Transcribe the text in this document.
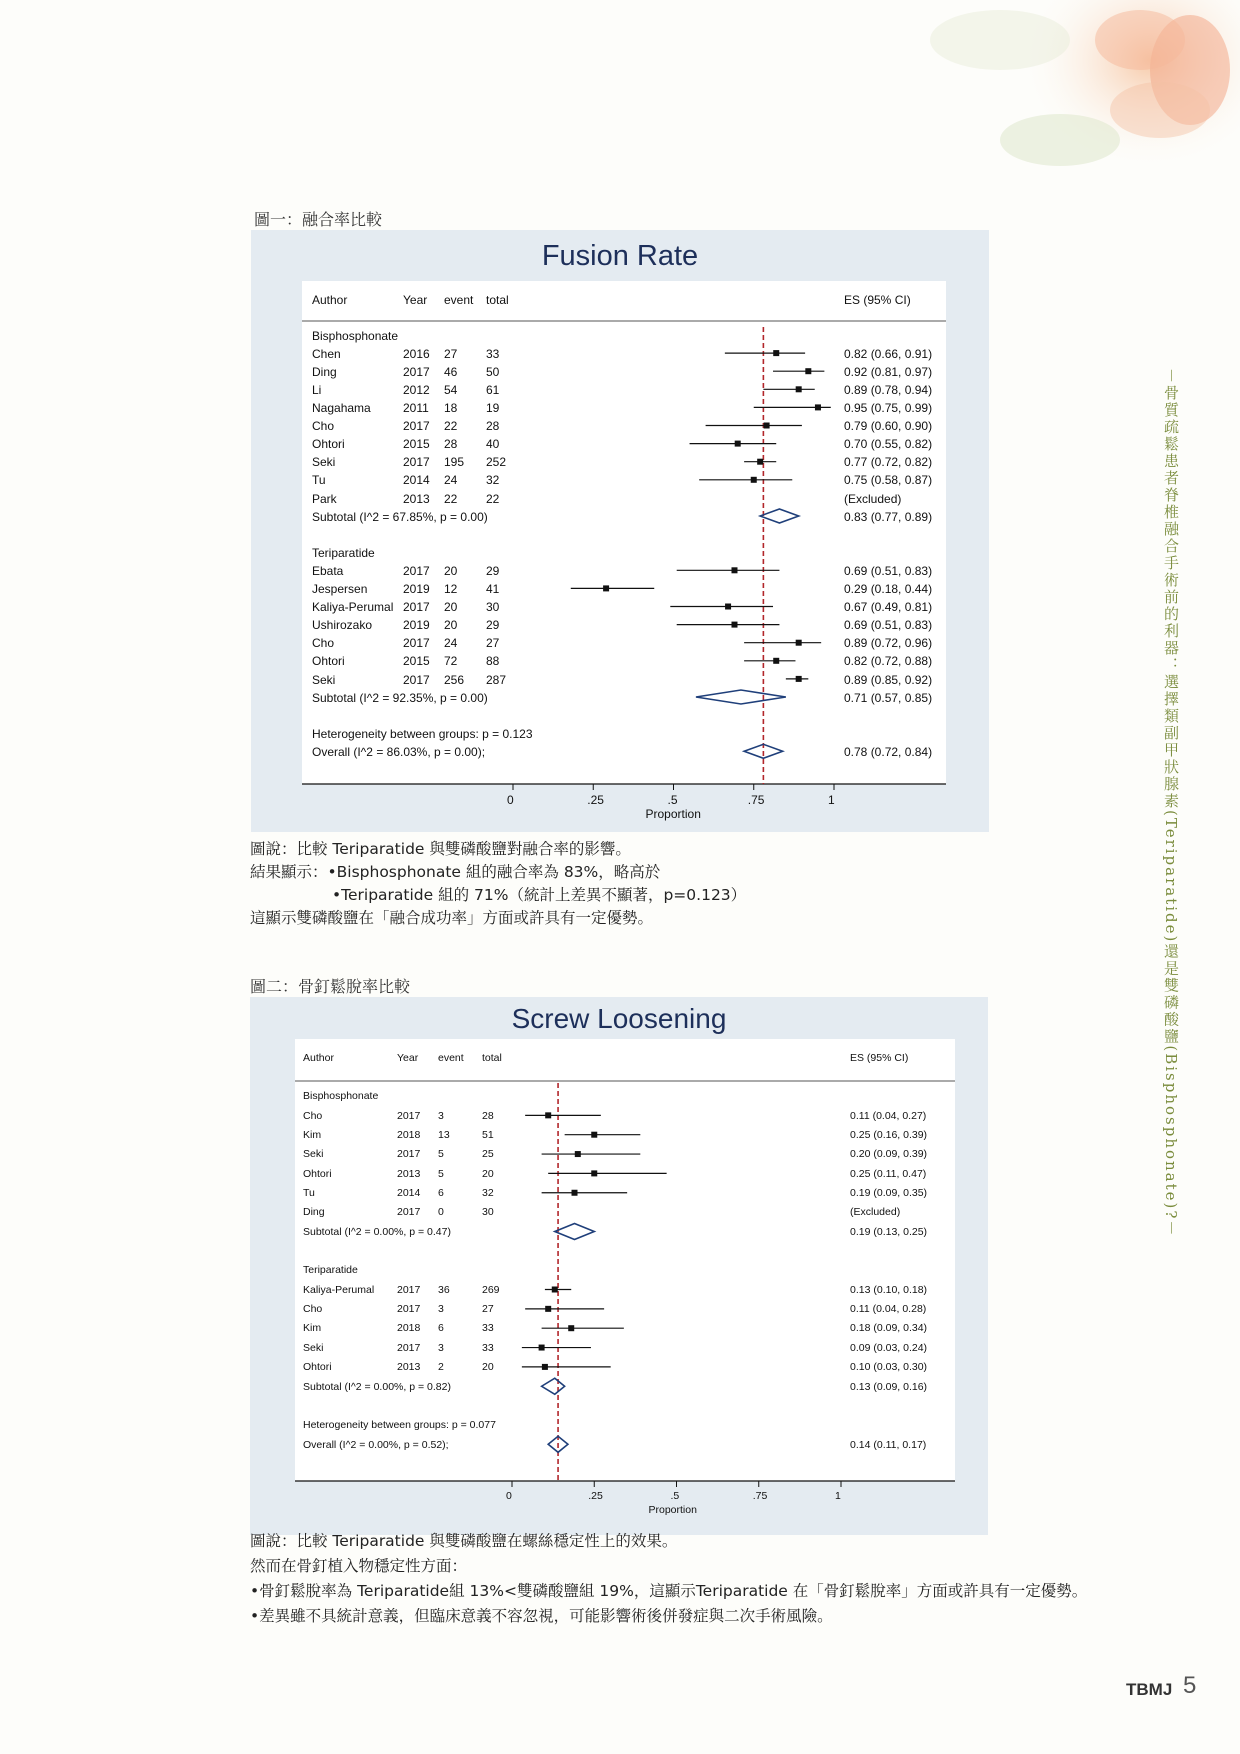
圖一：融合率比較
Fusion Rate
Author	Year event total	ES (95% CI)
Bisphosphonate
Chen	2016 27 33	0.82 (0.66, 0.91)
Ding	2017 46 50	0.92 (0.81, 0.97)
Li	2012 54 61	0.89 (0.78, 0.94)
Nagahama	2011 18 19	0.95 (0.75, 0.99)
Cho	2017 22 28	0.79 (0.60, 0.90)
Ohtori	2015 28 40	0.70 (0.55, 0.82)
Seki	2017 195 252	0.77 (0.72, 0.82)
Tu	2014 24 32	0.75 (0.58, 0.87)
Park	2013 22 22	(Excluded)
Subtotal (I^2 = 67.85%, p = 0.00)	0.83 (0.77, 0.89)
Teriparatide
Ebata	2017 20 29	0.69 (0.51, 0.83)
Jespersen	2019 12 41	0.29 (0.18, 0.44)
Kaliya-Perumal 2017 20 30	0.67 (0.49, 0.81)
Ushirozako	2019 20 29	0.69 (0.51, 0.83)
Cho	2017 24 27	0.89 (0.72, 0.96)
Ohtori	2015 72 88	0.82 (0.72, 0.88)
Seki	2017 256 287	0.89 (0.85, 0.92)
Subtotal (I^2 = 92.35%, p = 0.00)	0.71 (0.57, 0.85)
Heterogeneity between groups: p = 0.123
Overall (I^2 = 86.03%, p = 0.00);	0.78 (0.72, 0.84)
0	.25	.5	.75	1
Proportion
圖說：比較 Teriparatide 與雙磷酸鹽對融合率的影響。
結果顯示：•Bisphosphonate 組的融合率為 83%，略高於
•Teriparatide 組的 71%（統計上差異不顯著，p=0.123）
這顯示雙磷酸鹽在「融合成功率」方面或許具有一定優勢。
圖二：骨釘鬆脫率比較
Screw Loosening
Author	Year event total	ES (95% CI)
Bisphosphonate
Cho	2017 3	28	0.11 (0.04, 0.27)
Kim	2018 13	51	0.25 (0.16, 0.39)
Seki	2017 5	25	0.20 (0.09, 0.39)
Ohtori	2013 5	20	0.25 (0.11, 0.47)
Tu	2014 6	32	0.19 (0.09, 0.35)
Ding	2017 0	30	(Excluded)
Subtotal (I^2 = 0.00%, p = 0.47)	0.19 (0.13, 0.25)
Teriparatide
Kaliya-Perumal 2017 36	269	0.13 (0.10, 0.18)
Cho	2017 3	27	0.11 (0.04, 0.28)
Kim	2018 6	33	0.18 (0.09, 0.34)
Seki	2017 3	33	0.09 (0.03, 0.24)
Ohtori	2013 2	20	0.10 (0.03, 0.30)
Subtotal (I^2 = 0.00%, p = 0.82)	0.13 (0.09, 0.16)
Heterogeneity between groups: p = 0.077
Overall (I^2 = 0.00%, p = 0.52);	0.14 (0.11, 0.17)
0	.25	.5	.75	1
Proportion
圖說：比較 Teriparatide 與雙磷酸鹽在螺絲穩定性上的效果。
然而在骨釘植入物穩定性方面：
•骨釘鬆脫率為 Teriparatide組 13%<雙磷酸鹽組 19%，這顯示Teriparatide 在「骨釘鬆脫率」方面或許具有一定優勢。
•差異雖不具統計意義，但臨床意義不容忽視，可能影響術後併發症與二次手術風險。
－骨質疏鬆患者脊椎融合手術前的利器：選擇類副甲狀腺素(Teriparatide)還是雙磷酸鹽(Bisphosphonate)?－
TBMJ 5
